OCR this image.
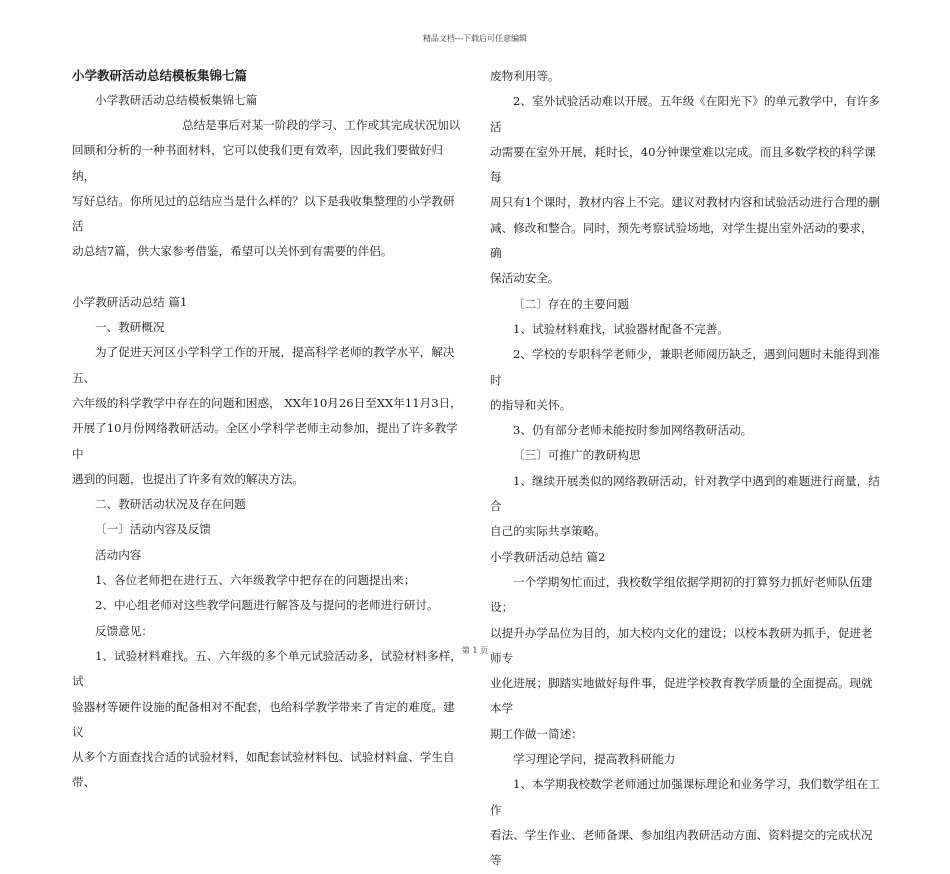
精品文档---下载后可任意编辑

小学教研活动总结模板集锦七篇

小学教研活动总结模板集锦七篇

总结是事后对某一阶段的学习、工作或其完成状况加以

回顾和分析的一种书面材料，它可以使我们更有效率，因此我们要做好归纳，

写好总结。你所见过的总结应当是什么样的？以下是我收集整理的小学教研活

动总结7篇，供大家参考借鉴，希望可以关怀到有需要的伴侣。

小学教研活动总结 篇1

一、教研概况

为了促进天河区小学科学工作的开展，提高科学老师的教学水平，解决五、

六年级的科学教学中存在的问题和困惑， XX年10月26日至XX年11月3日，

开展了10月份网络教研活动。全区小学科学老师主动参加，提出了许多教学中

遇到的问题，也提出了许多有效的解决方法。

二、教研活动状况及存在问题

〔一〕活动内容及反馈

活动内容

1、各位老师把在进行五、六年级教学中把存在的问题提出来；

2、中心组老师对这些教学问题进行解答及与提问的老师进行研讨。

反馈意见：

1、试验材料难找。五、六年级的多个单元试验活动多，试验材料多样，试

验器材等硬件设施的配备相对不配套，也给科学教学带来了肯定的难度。建议

从多个方面查找合适的试验材料，如配套试验材料包、试验材料盒、学生自带、

废物利用等。

2、室外试验活动难以开展。五年级《在阳光下》的单元教学中，有许多活

动需要在室外开展，耗时长，40分钟课堂难以完成。而且多数学校的科学课每

周只有1个课时，教材内容上不完。建议对教材内容和试验活动进行合理的删

减、修改和整合。同时，预先考察试验场地，对学生提出室外活动的要求，确

保活动安全。

〔二〕存在的主要问题

1、试验材料难找，试验器材配备不完善。

2、学校的专职科学老师少，兼职老师阅历缺乏，遇到问题时未能得到准时

的指导和关怀。

3、仍有部分老师未能按时参加网络教研活动。

〔三〕可推广的教研构思

1、继续开展类似的网络教研活动，针对教学中遇到的难题进行商量，结合

自己的实际共享策略。

小学教研活动总结 篇2

一个学期匆忙而过，我校数学组依据学期初的打算努力抓好老师队伍建设；

以提升办学品位为目的，加大校内文化的建设；以校本教研为抓手，促进老师专

业化进展；脚踏实地做好每件事，促进学校教育教学质量的全面提高。现就本学

期工作做一简述：

学习理论学问，提高教科研能力

1、本学期我校数学老师通过加强课标理论和业务学习，我们数学组在工作

看法、学生作业、老师备课、参加组内教研活动方面、资料提交的完成状况等

第 1 页
